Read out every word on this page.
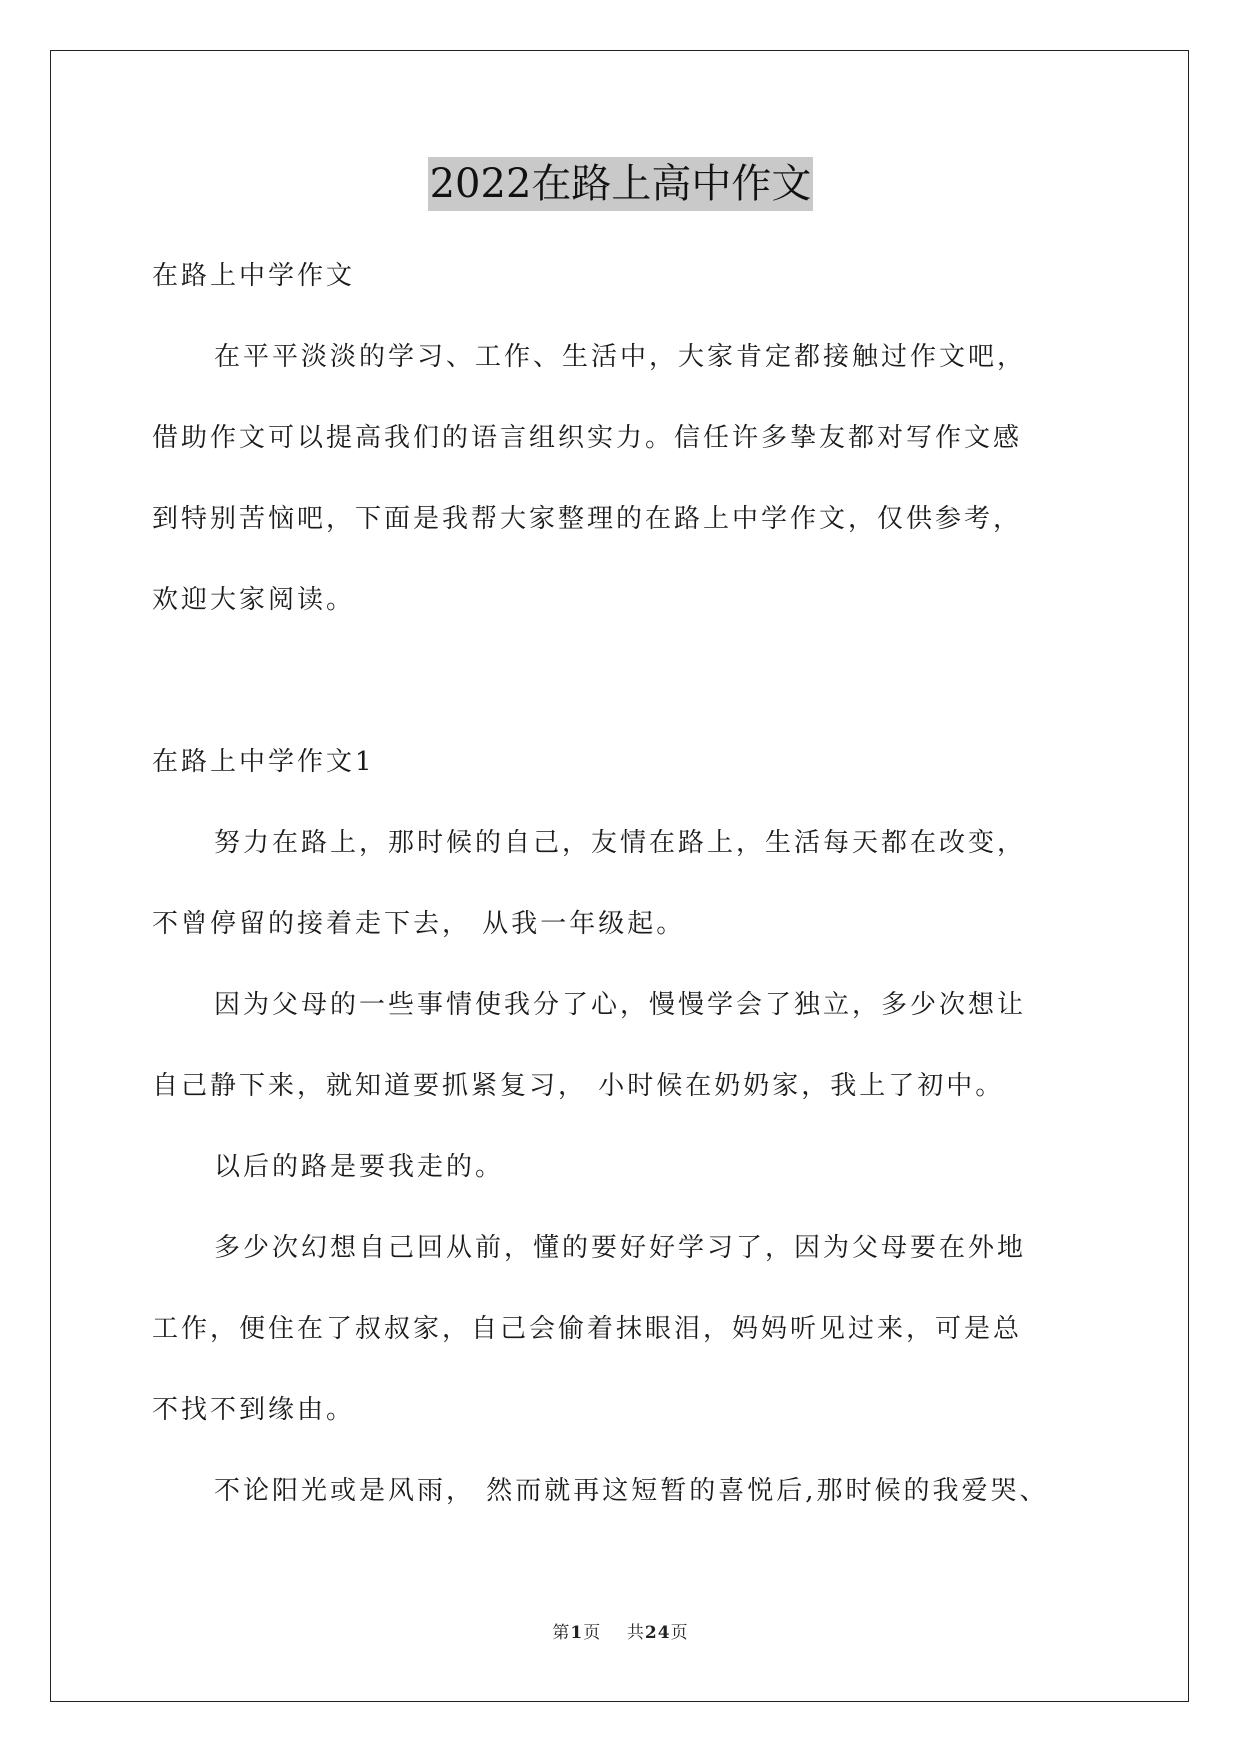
2022在路上高中作文
在路上中学作文
在平平淡淡的学习、工作、生活中，大家肯定都接触过作文吧，
借助作文可以提高我们的语言组织实力。信任许多挚友都对写作文感
到特别苦恼吧，下面是我帮大家整理的在路上中学作文，仅供参考，
欢迎大家阅读。
在路上中学作文1
努力在路上，那时候的自己，友情在路上，生活每天都在改变，
不曾停留的接着走下去， 从我一年级起。
因为父母的一些事情使我分了心，慢慢学会了独立，多少次想让
自己静下来，就知道要抓紧复习， 小时候在奶奶家，我上了初中。
以后的路是要我走的。
多少次幻想自己回从前，懂的要好好学习了，因为父母要在外地
工作，便住在了叔叔家，自己会偷着抹眼泪，妈妈听见过来，可是总
不找不到缘由。
不论阳光或是风雨， 然而就再这短暂的喜悦后,那时候的我爱哭、
第1页 共24页
